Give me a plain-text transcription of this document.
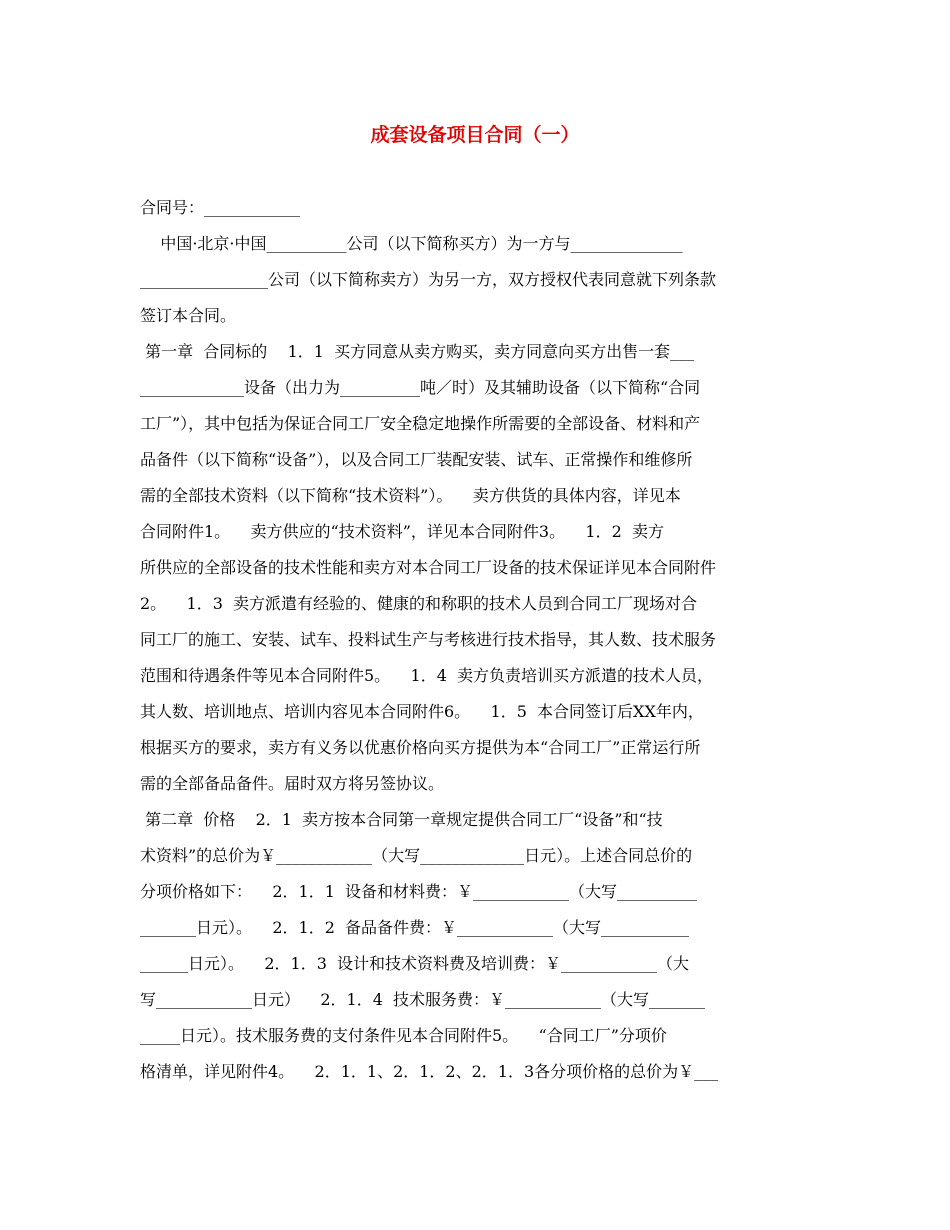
成套设备项目合同（一）
合同号：____________
中国·北京·中国__________公司（以下简称买方）为一方与______________
________________公司（以下简称卖方）为另一方，双方授权代表同意就下列条款
签订本合同。
第一章  合同标的    1．1  买方同意从卖方购买，卖方同意向买方出售一套___
_____________设备（出力为__________吨／时）及其辅助设备（以下简称“合同
工厂”），其中包括为保证合同工厂安全稳定地操作所需要的全部设备、材料和产
品备件（以下简称“设备”），以及合同工厂装配安装、试车、正常操作和维修所
需的全部技术资料（以下简称“技术资料”）。    卖方供货的具体内容，详见本
合同附件1。    卖方供应的“技术资料”，详见本合同附件3。    1．2  卖方
所供应的全部设备的技术性能和卖方对本合同工厂设备的技术保证详见本合同附件
2。    1．3  卖方派遣有经验的、健康的和称职的技术人员到合同工厂现场对合
同工厂的施工、安装、试车、投料试生产与考核进行技术指导，其人数、技术服务
范围和待遇条件等见本合同附件5。    1．4  卖方负责培训买方派遣的技术人员，
其人数、培训地点、培训内容见本合同附件6。    1．5  本合同签订后XX年内，
根据买方的要求，卖方有义务以优惠价格向买方提供为本“合同工厂”正常运行所
需的全部备品备件。届时双方将另签协议。
第二章  价格    2．1  卖方按本合同第一章规定提供合同工厂“设备”和“技
术资料”的总价为￥____________（大写_____________日元）。上述合同总价的
分项价格如下：    2．1．1  设备和材料费：￥____________（大写__________
_______日元）。    2．1．2  备品备件费：￥____________（大写___________
______日元）。    2．1．3  设计和技术资料费及培训费：￥____________（大
写____________日元）    2．1．4  技术服务费：￥____________（大写_______
_____日元）。技术服务费的支付条件见本合同附件5。    “合同工厂”分项价
格清单，详见附件4。    2．1．1、2．1．2、2．1．3各分项价格的总价为￥___
